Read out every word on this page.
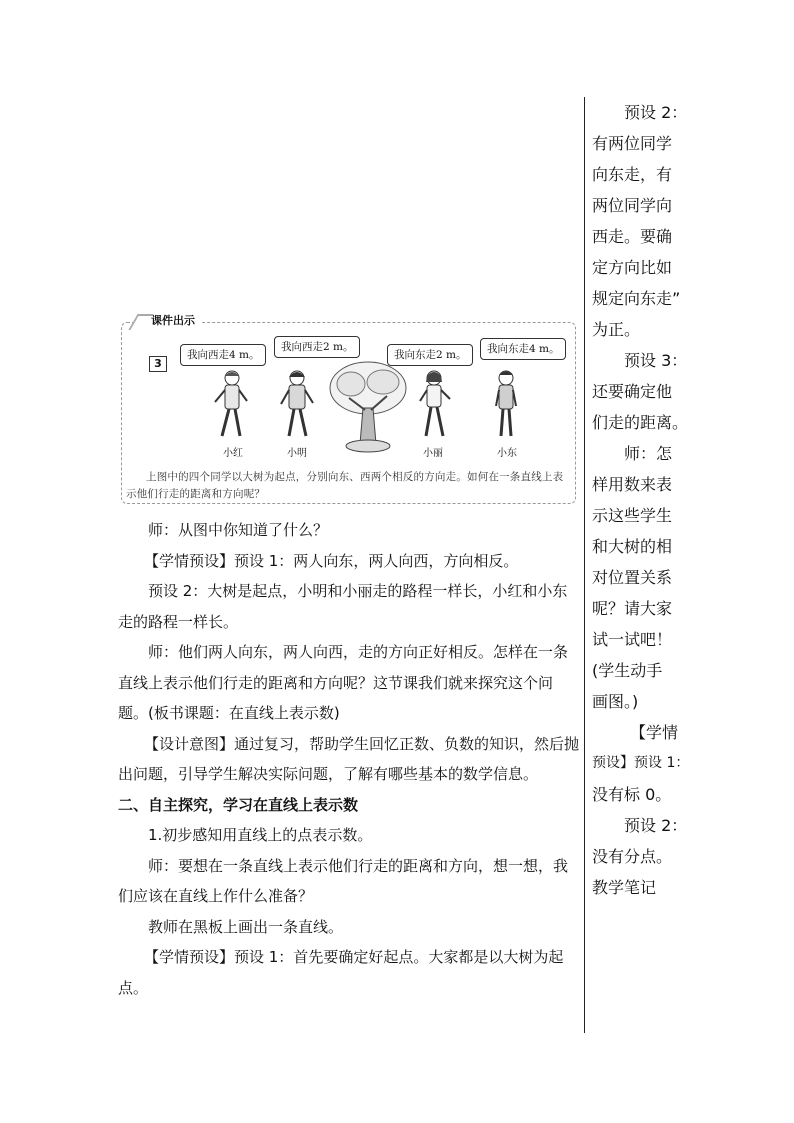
预设 2：

有两位同学

向东走，有

两位同学向

西走。要确

定方向比如

规定向东走”

为正。

预设 3：

还要确定他

们走的距离。

师：怎

样用数来表

示这些学生

和大树的相

对位置关系

呢？请大家

试一试吧！

(学生动手

画图。)

【学情

预设】预设 1：

没有标 0。

预设 2：

没有分点。

教学笔记

3
我向西走4 m。
我向西走2 m。
我向东走2 m。	我向东走4 m。
小红	小明	小丽	小东
上图中的四个同学以大树为起点，分别向东、西两个相反的方向走。如何在一条直线上表示他们行走的距离和方向呢？
课件出示

师：从图中你知道了什么？

【学情预设】预设 1：两人向东，两人向西，方向相反。

预设 2：大树是起点，小明和小丽走的路程一样长，小红和小东走的路程一样长。

师：他们两人向东，两人向西，走的方向正好相反。怎样在一条直线上表示他们行走的距离和方向呢？这节课我们就来探究这个问题。(板书课题：在直线上表示数)

【设计意图】通过复习，帮助学生回忆正数、负数的知识，然后抛出问题，引导学生解决实际问题，了解有哪些基本的数学信息。

二、自主探究，学习在直线上表示数

1.初步感知用直线上的点表示数。

师：要想在一条直线上表示他们行走的距离和方向，想一想，我们应该在直线上作什么准备？

教师在黑板上画出一条直线。

【学情预设】预设 1：首先要确定好起点。大家都是以大树为起点。
